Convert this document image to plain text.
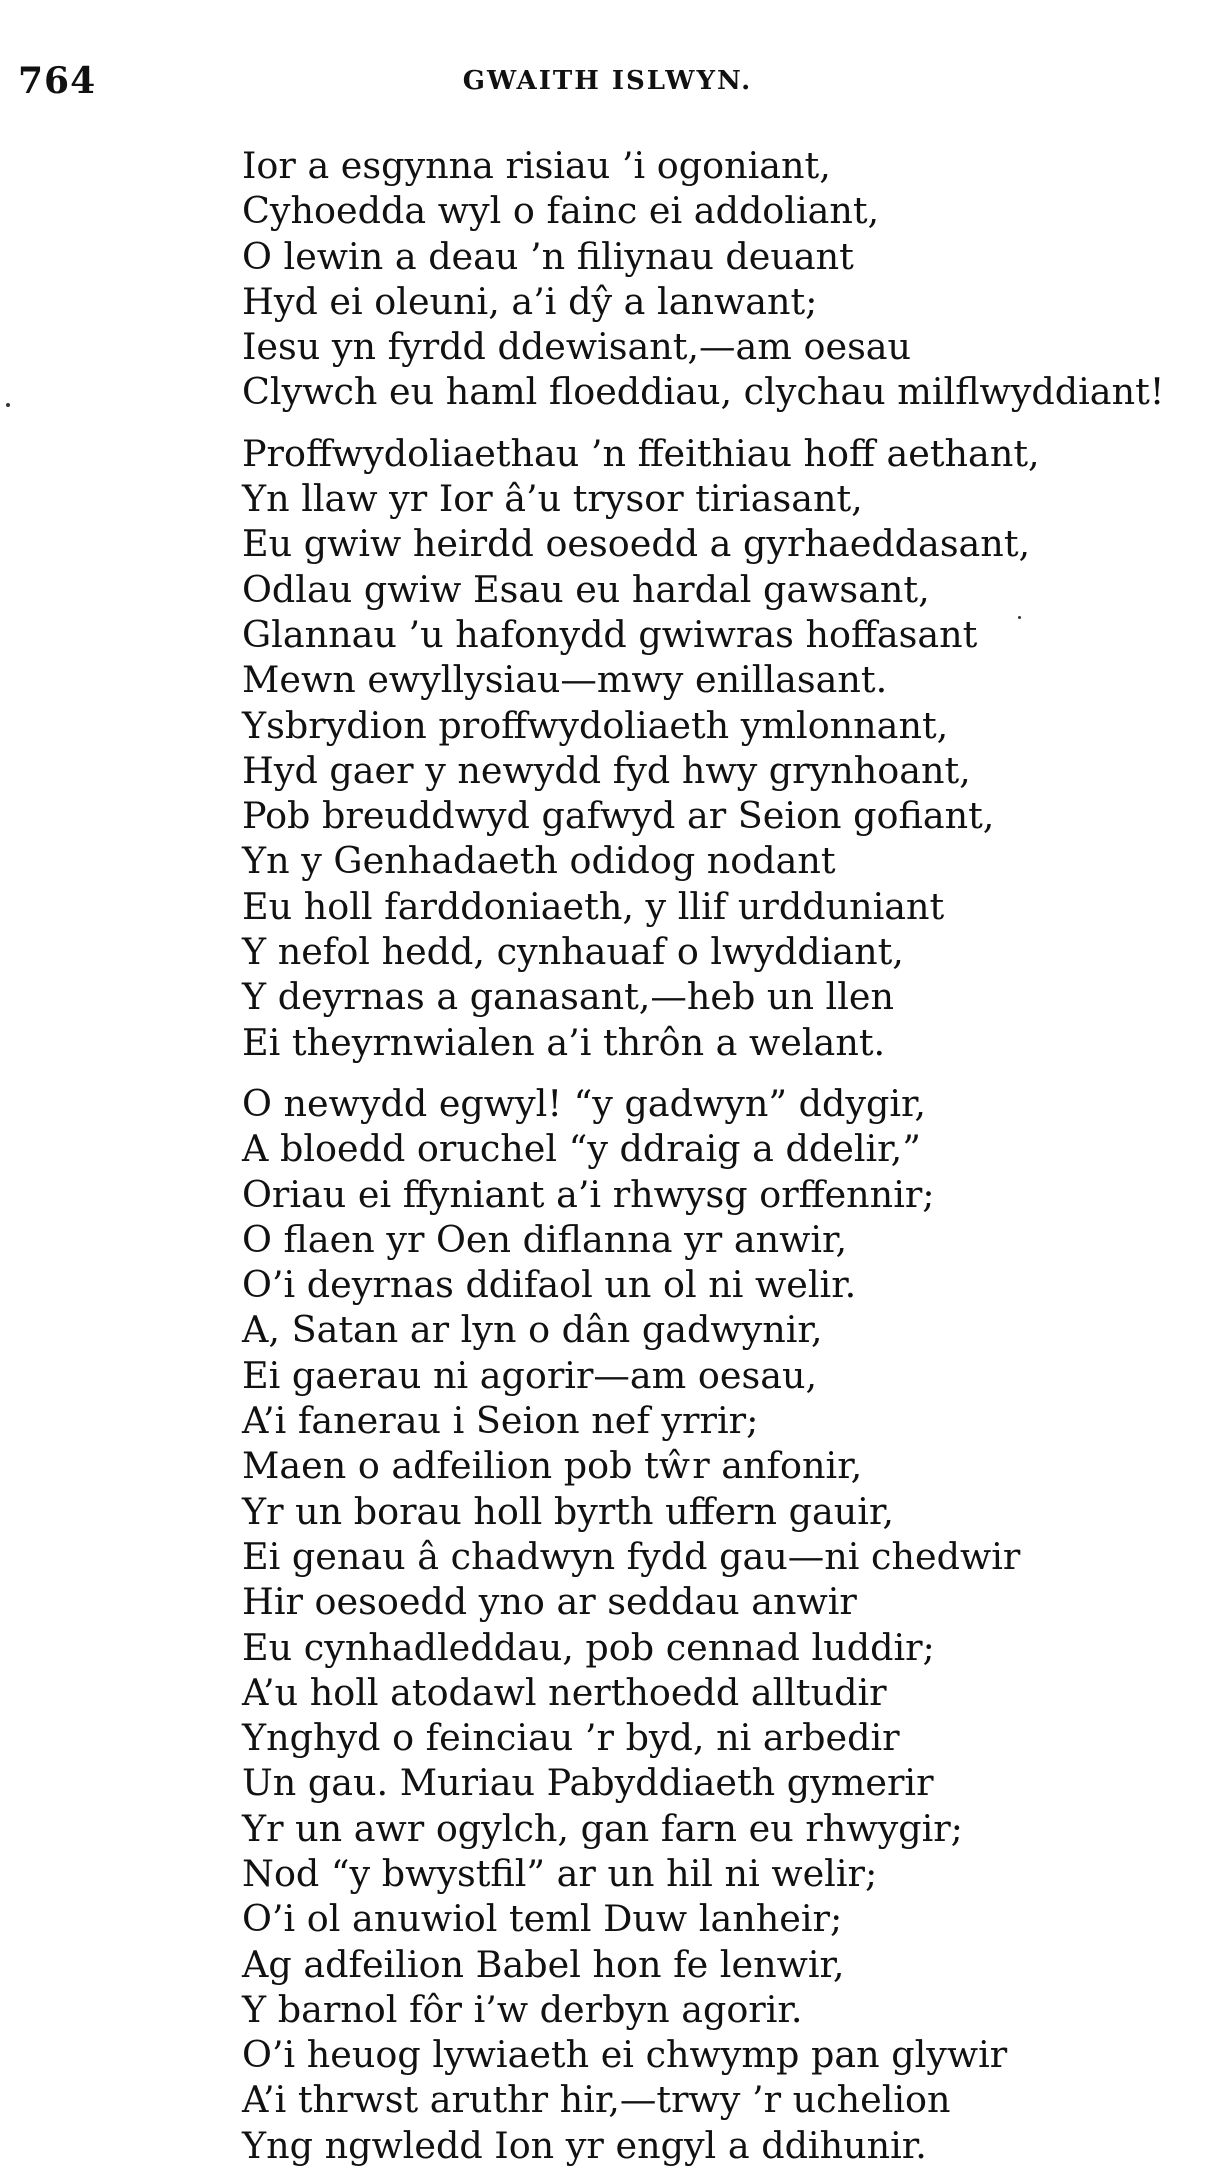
764	GWAITH ISLWYN.
Ior a esgynna risiau ’i ogoniant,
Cyhoedda wyl o fainc ei addoliant,
O lewin a deau ’n filiynau deuant
Hyd ei oleuni, a’i dŷ a lanwant;
Iesu yn fyrdd ddewisant,—am oesau
Clywch eu haml floeddiau, clychau milflwyddiant!
Proffwydoliaethau ’n ffeithiau hoff aethant,
Yn llaw yr Ior â’u trysor tiriasant,
Eu gwiw heirdd oesoedd a gyrhaeddasant,
Odlau gwiw Esau eu hardal gawsant,
Glannau ’u hafonydd gwiwras hoffasant
Mewn ewyllysiau—mwy enillasant.
Ysbrydion proffwydoliaeth ymlonnant,
Hyd gaer y newydd fyd hwy grynhoant,
Pob breuddwyd gafwyd ar Seion gofiant,
Yn y Genhadaeth odidog nodant
Eu holl farddoniaeth, y llif urdduniant
Y nefol hedd, cynhauaf o lwyddiant,
Y deyrnas a ganasant,—heb un llen
Ei theyrnwialen a’i thrôn a welant.
O newydd egwyl! “y gadwyn” ddygir,
A bloedd oruchel “y ddraig a ddelir,”
Oriau ei ffyniant a’i rhwysg orffennir;
O flaen yr Oen diflanna yr anwir,
O’i deyrnas ddifaol un ol ni welir.
A, Satan ar lyn o dân gadwynir,
Ei gaerau ni agorir—am oesau,
A’i fanerau i Seion nef yrrir;
Maen o adfeilion pob tŵr anfonir,
Yr un borau holl byrth uffern gauir,
Ei genau â chadwyn fydd gau—ni chedwir
Hir oesoedd yno ar seddau anwir
Eu cynhadleddau, pob cennad luddir;
A’u holl atodawl nerthoedd alltudir
Ynghyd o feinciau ’r byd, ni arbedir
Un gau. Muriau Pabyddiaeth gymerir
Yr un awr ogylch, gan farn eu rhwygir;
Nod “y bwystfil” ar un hil ni welir;
O’i ol anuwiol teml Duw lanheir;
Ag adfeilion Babel hon fe lenwir,
Y barnol fôr i’w derbyn agorir.
O’i heuog lywiaeth ei chwymp pan glywir
A’i thrwst aruthr hir,—trwy ’r uchelion
Yng ngwledd Ion yr engyl a ddihunir.
